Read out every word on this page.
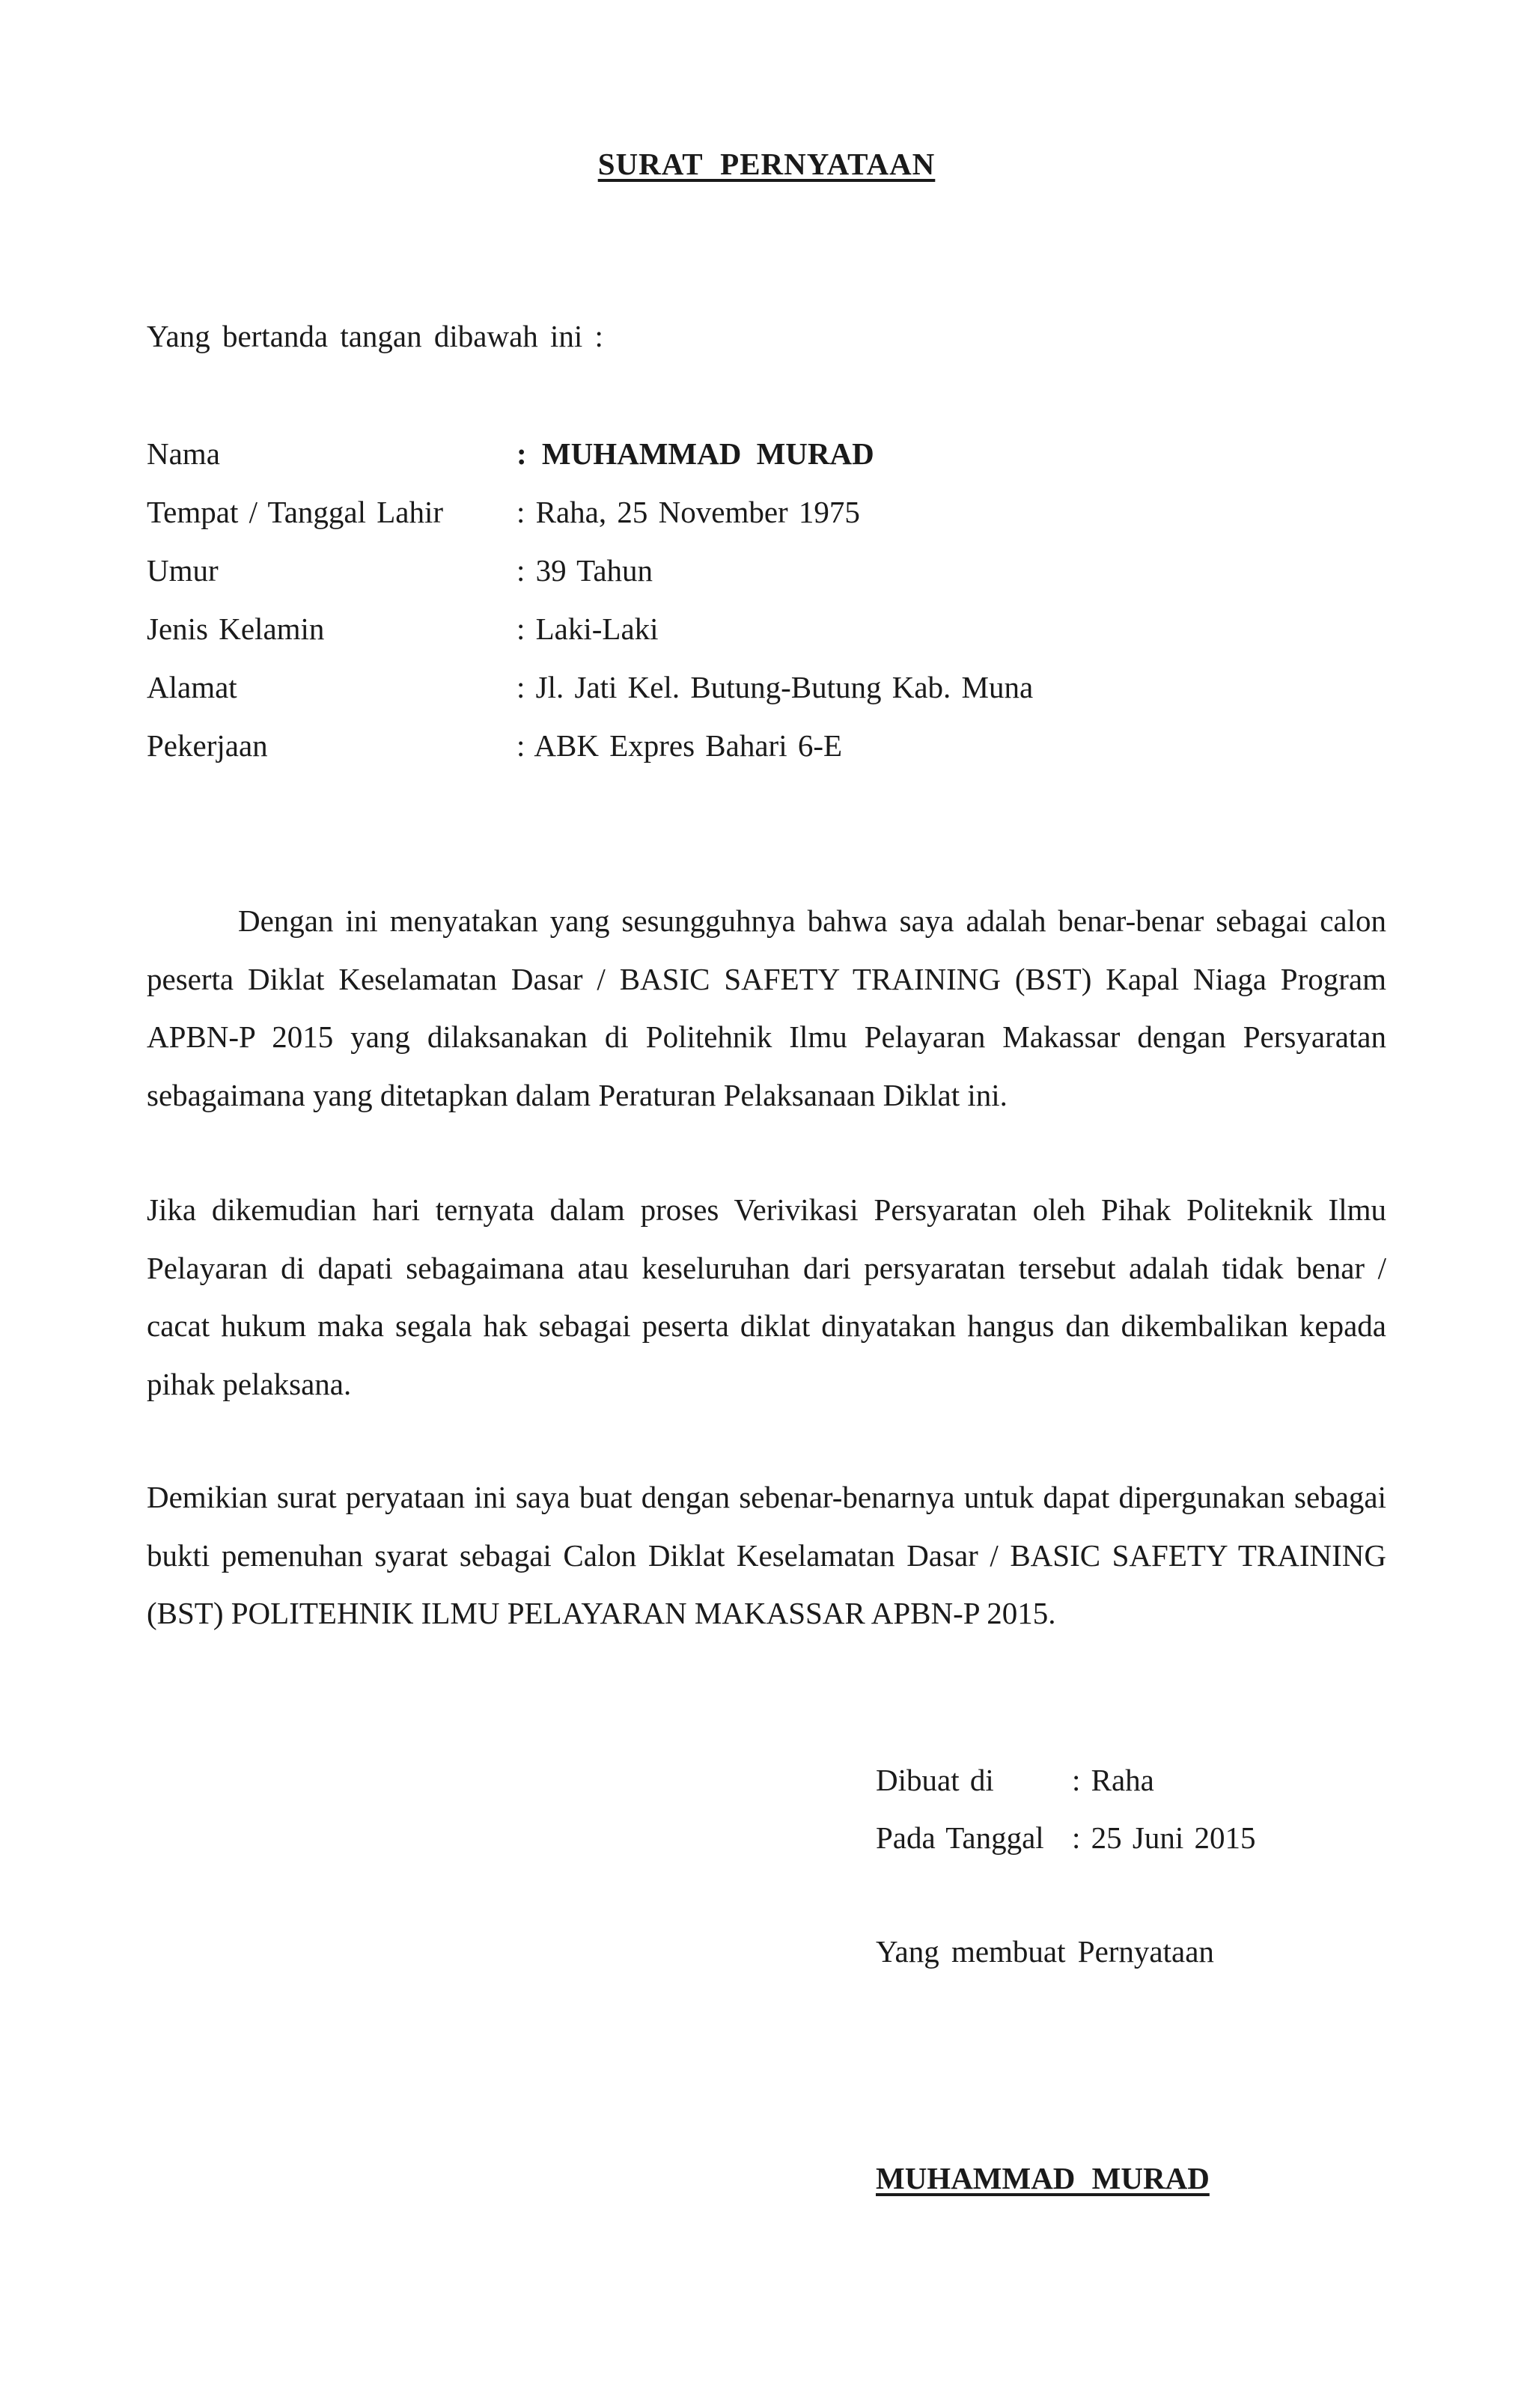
SURAT PERNYATAAN
Yang bertanda tangan dibawah ini :
Nama	: MUHAMMAD MURAD
Tempat / Tanggal Lahir : Raha, 25 November 1975
Umur	: 39 Tahun
Jenis Kelamin	: Laki-Laki
Alamat	: Jl. Jati Kel. Butung-Butung Kab. Muna
Pekerjaan	: ABK Expres Bahari 6-E

Dengan ini menyatakan yang sesungguhnya bahwa saya adalah benar-benar sebagai calon peserta Diklat Keselamatan Dasar / BASIC SAFETY TRAINING (BST) Kapal Niaga Program APBN-P 2015 yang dilaksanakan di Politehnik Ilmu Pelayaran Makassar dengan Persyaratan sebagaimana yang ditetapkan dalam Peraturan Pelaksanaan Diklat ini.

Jika dikemudian hari ternyata dalam proses Verivikasi Persyaratan oleh Pihak Politeknik Ilmu Pelayaran di dapati sebagaimana atau keseluruhan dari persyaratan tersebut adalah tidak benar / cacat hukum maka segala hak sebagai peserta diklat dinyatakan hangus dan dikembalikan kepada pihak pelaksana.

Demikian surat peryataan ini saya buat dengan sebenar-benarnya untuk dapat dipergunakan sebagai bukti pemenuhan syarat sebagai Calon Diklat Keselamatan Dasar / BASIC SAFETY TRAINING (BST) POLITEHNIK ILMU PELAYARAN MAKASSAR APBN-P 2015.

Dibuat di	: Raha
Pada Tanggal : 25 Juni 2015
Yang membuat Pernyataan
MUHAMMAD MURAD
